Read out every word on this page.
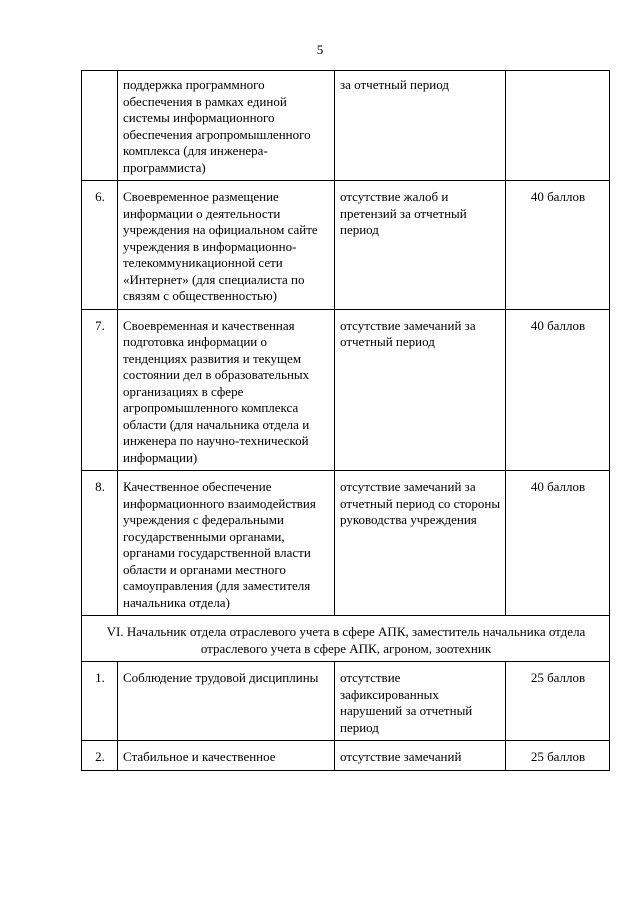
5
	поддержка программного обеспечения в рамках единой системы информационного обеспечения агропромышленного комплекса (для инженера-программиста)	за отчетный период	
6.	Своевременное размещение информации о деятельности учреждения на официальном сайте учреждения в информационно-телекоммуникационной сети «Интернет» (для специалиста по связям с общественностью)	отсутствие жалоб и претензий за отчетный период	40 баллов
7.	Своевременная и качественная подготовка информации о тенденциях развития и текущем состоянии дел в образовательных организациях в сфере агропромышленного комплекса области (для начальника отдела и инженера по научно-технической информации)	отсутствие замечаний за отчетный период	40 баллов
8.	Качественное обеспечение информационного взаимодействия учреждения с федеральными государственными органами, органами государственной власти области и органами местного самоуправления (для заместителя начальника отдела)	отсутствие замечаний за отчетный период со стороны руководства учреждения	40 баллов
VI. Начальник отдела отраслевого учета в сфере АПК, заместитель начальника отдела отраслевого учета в сфере АПК, агроном, зоотехник			
1.	Соблюдение трудовой дисциплины	отсутствие зафиксированных нарушений за отчетный период	25 баллов
2.	Стабильное и качественное	отсутствие замечаний	25 баллов
